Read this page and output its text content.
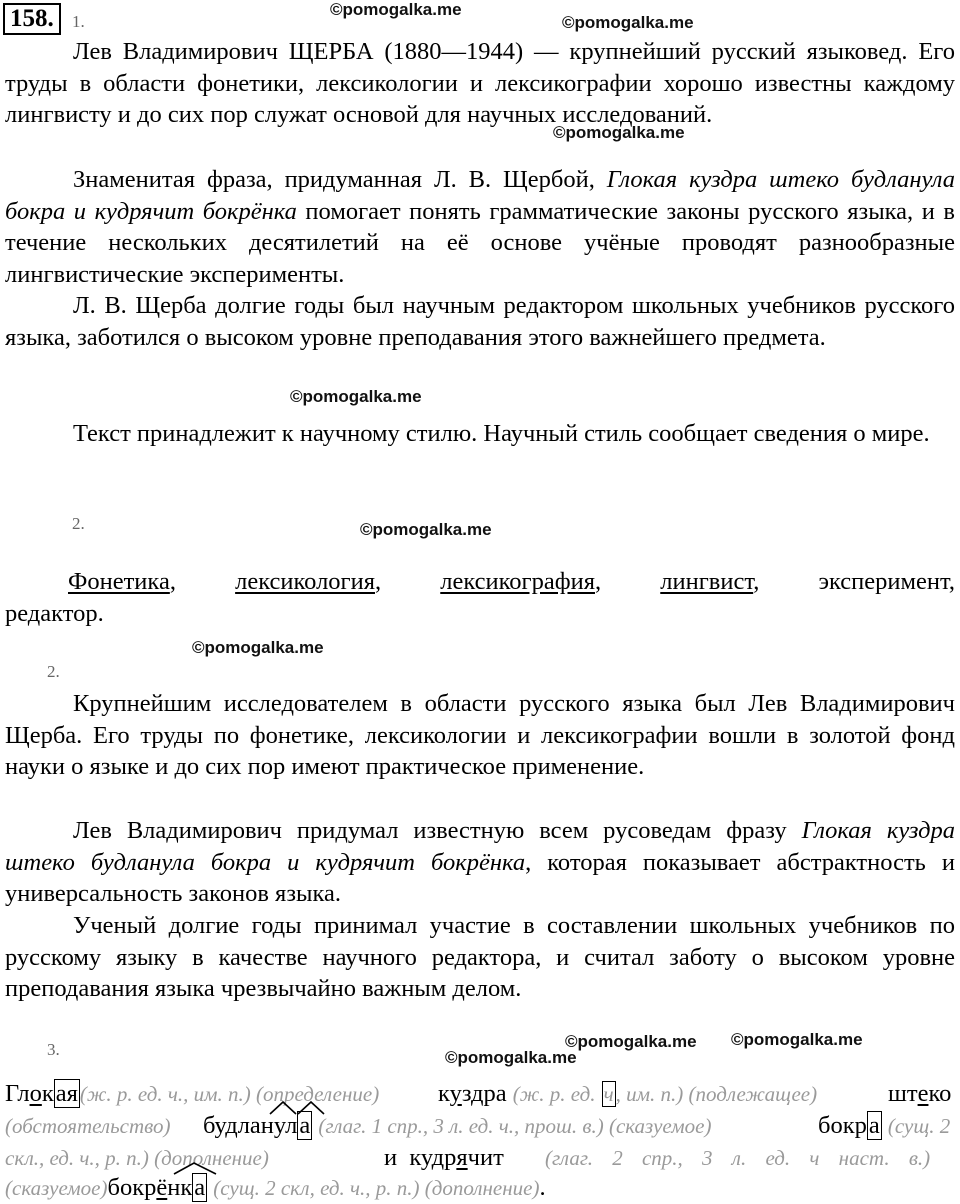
158.	1.
©pomogalka.me
©pomogalka.me
©pomogalka.me
©pomogalka.me
©pomogalka.me
©pomogalka.me
©pomogalka.me ©pomogalka.me
©pomogalka.me
Лев Владимирович ЩЕРБА (1880—1944) — крупнейший русский языковед. Его труды в области фонетики, лексикологии и лексикографии хорошо известны каждому лингвисту и до сих пор служат основой для научных исследований.
Знаменитая фраза, придуманная Л. В. Щербой, Глокая куздра штеко будланула бокра и кудрячит бокрёнка помогает понять грамматические законы русского языка, и в течение нескольких десятилетий на её основе учёные проводят разнообразные лингвистические эксперименты.
Л. В. Щерба долгие годы был научным редактором школьных учебников русского языка, заботился о высоком уровне преподавания этого важнейшего предмета.
Текст принадлежит к научному стилю. Научный стиль сообщает сведения о мире.
2.
Фонетика, лексикология, лексикография, лингвист, эксперимент,
редактор.
2.
Крупнейшим исследователем в области русского языка был Лев Владимирович Щерба. Его труды по фонетике, лексикологии и лексикографии вошли в золотой фонд науки о языке и до сих пор имеют практическое применение.
Лев Владимирович придумал известную всем русоведам фразу Глокая куздра штеко будланула бокра и кудрячит бокрёнка, которая показывает абстрактность и универсальность законов языка.
Ученый долгие годы принимал участие в составлении школьных учебников по русскому языку в качестве научного редактора, и считал заботу о высоком уровне преподавания языка чрезвычайно важным делом.
3.
Глокая(ж. р. ед. ч., им. п.) (определение) куздра (ж. р. ед. ч, им. п.) (подлежащее)	штеко
(обстоятельство) будланула (глаг. 1 спр., 3 л. ед. ч., прош. в.) (сказуемое)	бокра (сущ. 2
скл., ед. ч., р. п.) (дополнение)	и кудрячит (глаг. 2 спр., 3 л. ед. ч наст. в.)
(сказуемое)бокрёнка (сущ. 2 скл, ед. ч., р. п.) (дополнение).
